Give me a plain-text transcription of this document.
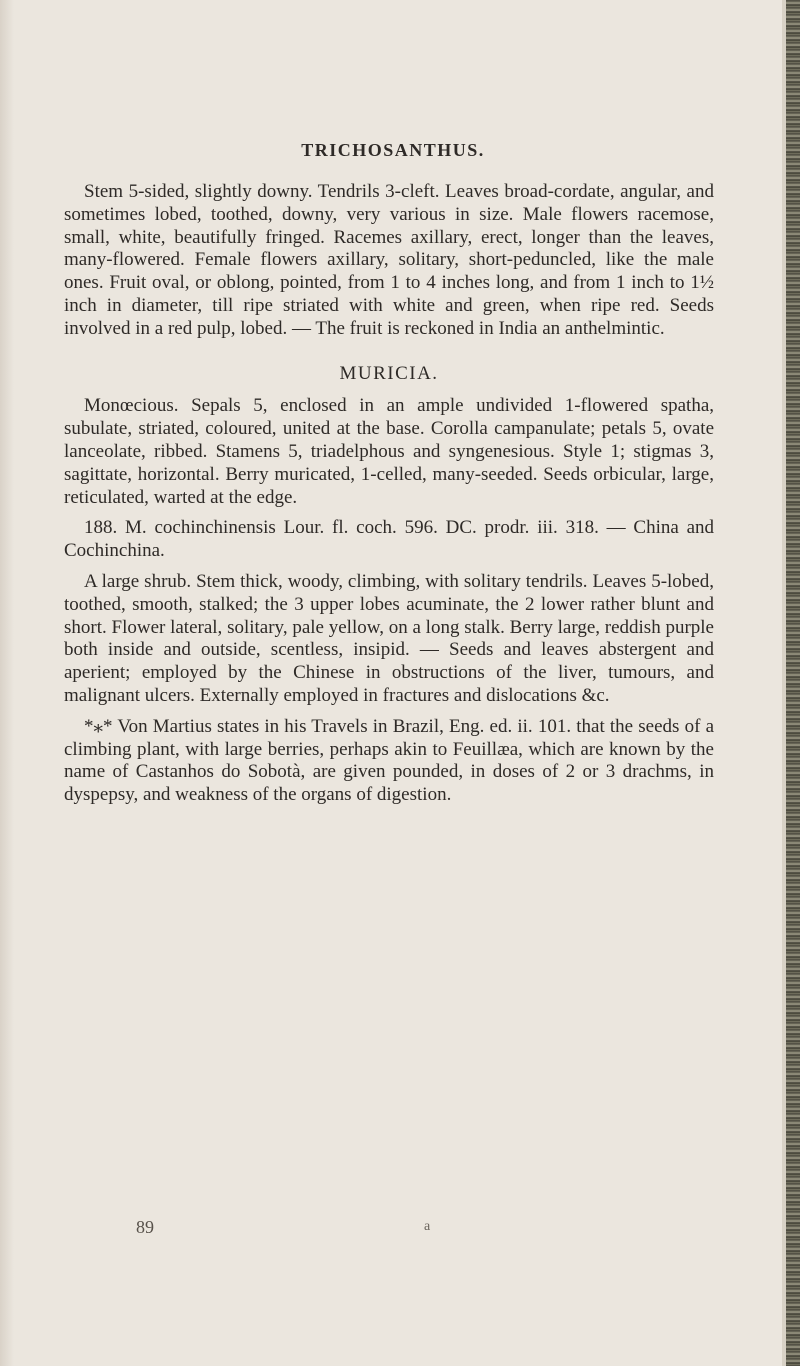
TRICHOSANTHUS.

Stem 5-sided, slightly downy. Tendrils 3-cleft. Leaves broad-cordate, angular, and sometimes lobed, toothed, downy, very various in size. Male flowers racemose, small, white, beautifully fringed. Racemes axillary, erect, longer than the leaves, many-flowered. Female flowers axillary, solitary, short-peduncled, like the male ones. Fruit oval, or oblong, pointed, from 1 to 4 inches long, and from 1 inch to 1½ inch in diameter, till ripe striated with white and green, when ripe red. Seeds involved in a red pulp, lobed. — The fruit is reckoned in India an anthelmintic.

MURICIA.

Monœcious. Sepals 5, enclosed in an ample undivided 1-flowered spatha, subulate, striated, coloured, united at the base. Corolla campanulate; petals 5, ovate lanceolate, ribbed. Stamens 5, triadelphous and syngenesious. Style 1; stigmas 3, sagittate, horizontal. Berry muricated, 1-celled, many-seeded. Seeds orbicular, large, reticulated, warted at the edge.

188. M. cochinchinensis Lour. fl. coch. 596. DC. prodr. iii. 318. — China and Cochinchina.

A large shrub. Stem thick, woody, climbing, with solitary tendrils. Leaves 5-lobed, toothed, smooth, stalked; the 3 upper lobes acuminate, the 2 lower rather blunt and short. Flower lateral, solitary, pale yellow, on a long stalk. Berry large, reddish purple both inside and outside, scentless, insipid. — Seeds and leaves abstergent and aperient; employed by the Chinese in obstructions of the liver, tumours, and malignant ulcers. Externally employed in fractures and dislocations &c.

*⁎* Von Martius states in his Travels in Brazil, Eng. ed. ii. 101. that the seeds of a climbing plant, with large berries, perhaps akin to Feuillæa, which are known by the name of Castanhos do Sobotà, are given pounded, in doses of 2 or 3 drachms, in dyspepsy, and weakness of the organs of digestion.

89	a
